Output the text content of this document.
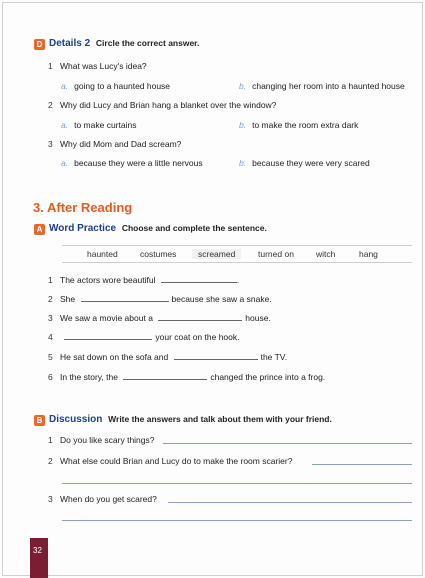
D Details 2 Circle the correct answer.
1 What was Lucy's idea?
a. going to a haunted house	b. changing her room into a haunted house
2 Why did Lucy and Brian hang a blanket over the window?
a. to make curtains	b. to make the room extra dark
3 Why did Mom and Dad scream?
a. because they were a little nervous	b. because they were very scared
3. After Reading
A Word Practice Choose and complete the sentence.
haunted	costumes	screamed	turned on	witch	hang
1 The actors wore beautiful	.
2 She	because she saw a snake.
3 We saw a movie about a	house.
4	your coat on the hook.
5 He sat down on the sofa and	the TV.
6 In the story, the	changed the prince into a frog.
B Discussion Write the answers and talk about them with your friend.
1 Do you like scary things?
2 What else could Brian and Lucy do to make the room scarier?
3 When do you get scared?
32
